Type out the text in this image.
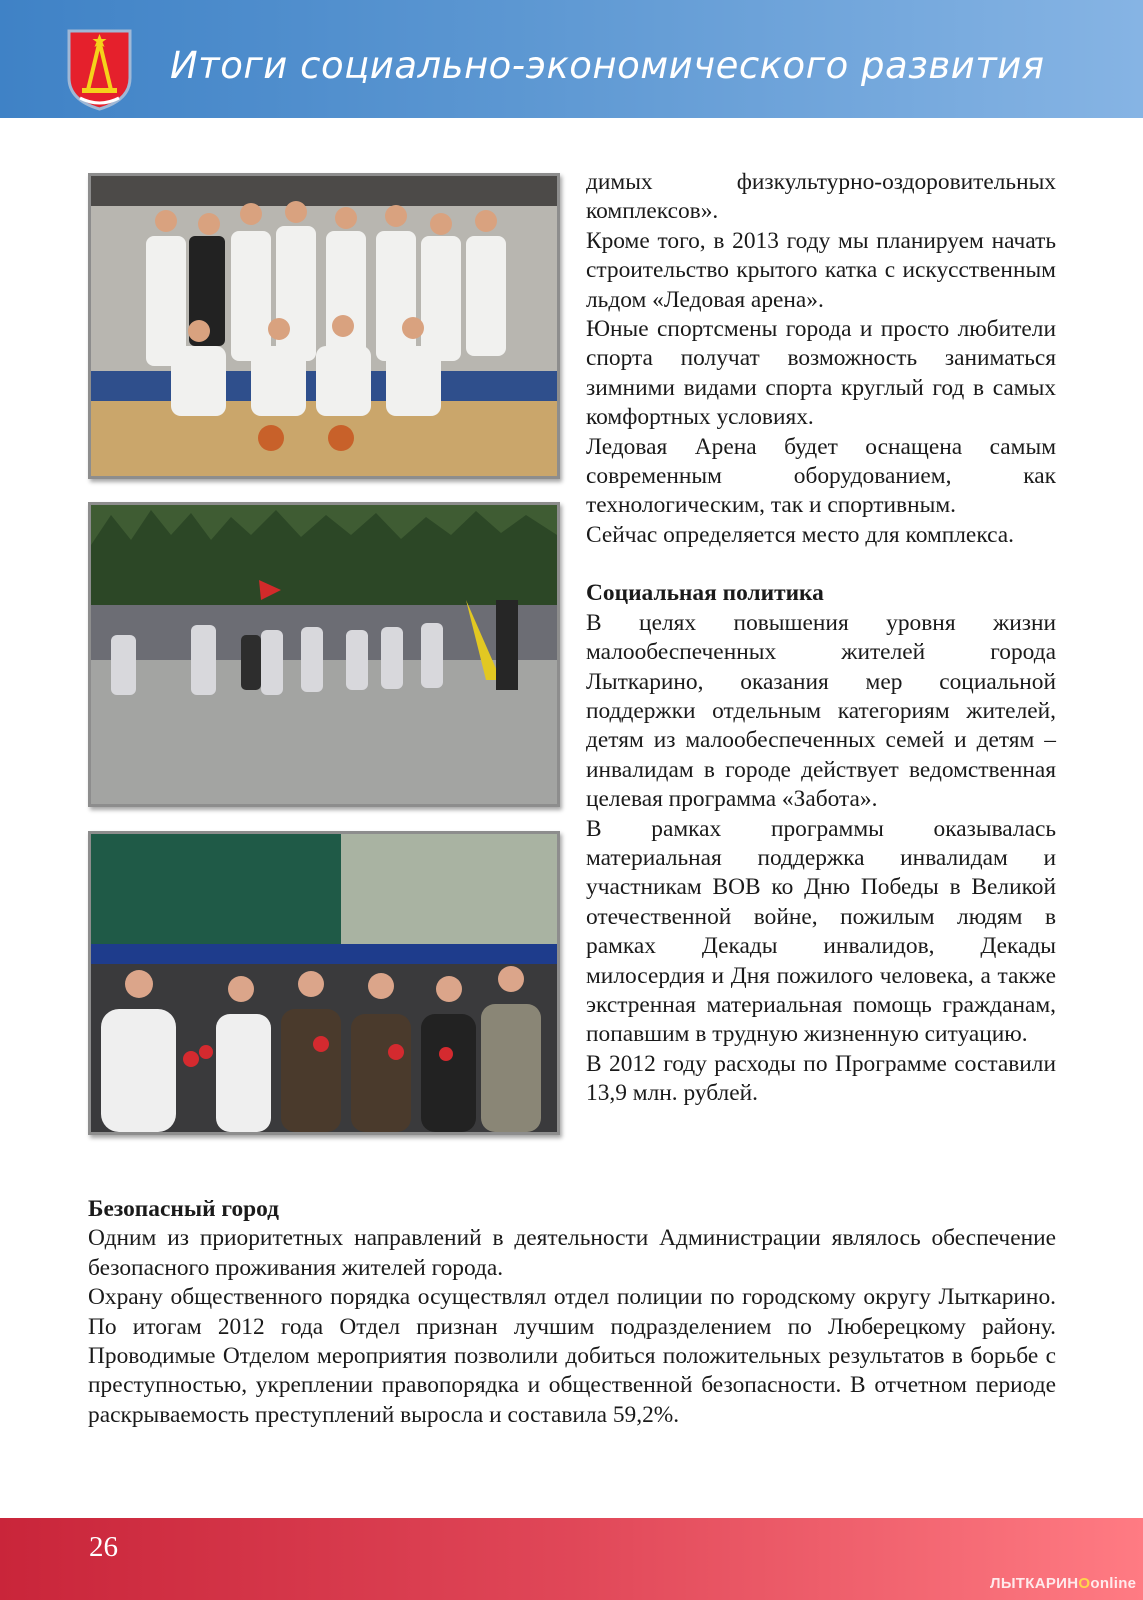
Итоги социально-экономического развития

димых физкультурно-оздоровительных комплексов».

Кроме того, в 2013 году мы планируем начать строительство крытого катка с искусственным льдом «Ледовая арена».

Юные спортсмены города и просто любители спорта получат возможность заниматься зимними видами спорта круглый год в самых комфортных условиях.

Ледовая Арена будет оснащена самым современным оборудованием, как технологическим, так и спортивным.

Сейчас определяется место для комплекса.

Социальная политика

В целях повышения уровня жизни малообеспеченных жителей города Лыткарино, оказания мер социальной поддержки отдельным категориям жителей, детям из малообеспеченных семей и детям – инвалидам в городе действует ведомственная целевая программа «Забота».

В рамках программы оказывалась материальная поддержка инвалидам и участникам ВОВ ко Дню Победы в Великой отечественной войне, пожилым людям в рамках Декады инвалидов, Декады милосердия и Дня пожилого человека, а также экстренная материальная помощь гражданам, попавшим в трудную жизненную ситуацию.

В 2012 году расходы по Программе составили 13,9 млн. рублей.

Безопасный город

Одним из приоритетных направлений в деятельности Администрации являлось обеспечение безопасного проживания жителей города.

Охрану общественного порядка осуществлял отдел полиции по городскому округу Лыткарино. По итогам 2012 года Отдел признан лучшим подразделением по Люберецкому району. Проводимые Отделом мероприятия позволили добиться положительных результатов в борьбе с преступностью, укреплении правопорядка и общественной безопасности. В отчетном периоде раскрываемость преступлений выросла и составила 59,2%.

26
ЛЫТКАРИНОonline
